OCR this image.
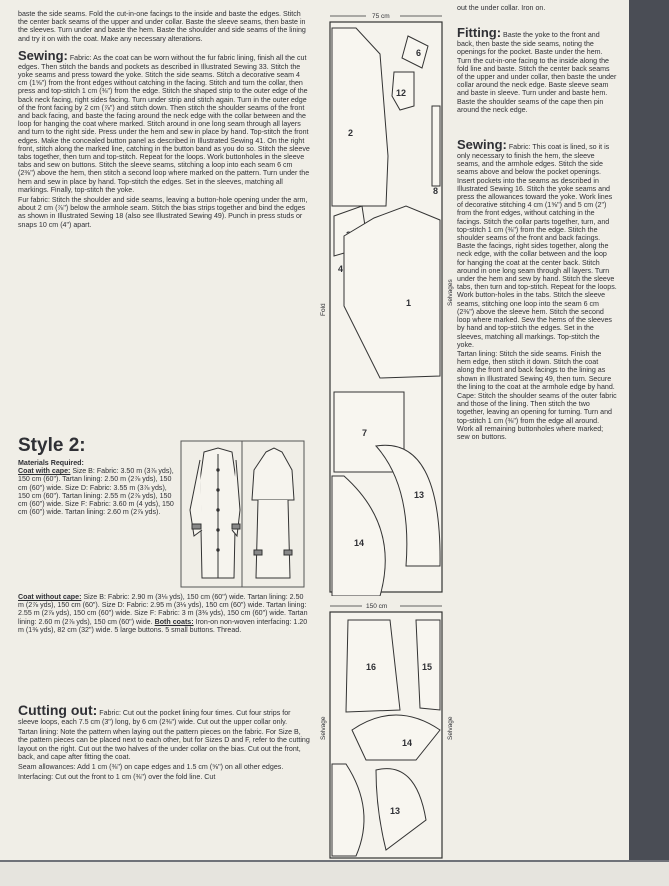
baste the side seams. Fold the cut-in-one facings to the inside and baste the edges. Stitch the center back seams of the upper and under collar. Baste the sleeve seams, then baste in the sleeves. Turn under and baste the hem. Baste the shoulder and side seams of the lining and try it on with the coat. Make any necessary alterations.

Sewing: Fabric: As the coat can be worn without the fur fabric lining, finish all the cut edges. Then stitch the bands and pockets as described in Illustrated Sewing 33. Stitch the yoke seams and press toward the yoke. Stitch the side seams. Stitch a decorative seam 4 cm (1⅝") from the front edges without catching in the facing. Stitch and turn the collar, then press and top-stitch 1 cm (⅜") from the edge. Stitch the shaped strip to the outer edge of the back neck facing, right sides facing. Turn under strip and stitch again. Turn in the outer edge of the front facing by 2 cm (⅞") and stitch down. Then stitch the shoulder seams of the front and back facing, and baste the facing around the neck edge with the collar between and the loop for hanging the coat where marked. Stitch around in one long seam through all layers and turn to the right side. Press under the hem and sew in place by hand. Top-stitch the front edges. Make the concealed button panel as described in Illustrated Sewing 41. On the right front, stitch along the marked line, catching in the button band as you do so. Stitch the sleeve tabs together, then turn and top-stitch. Repeat for the loops. Work buttonholes in the sleeve tabs and sew on buttons. Stitch the sleeve seams, stitching a loop into each seam 6 cm (2⅜") above the hem, then stitch a second loop where marked on the pattern. Turn under the hem and sew in place by hand. Top-stitch the edges. Set in the sleeves, matching all markings. Finally, top-stitch the yoke.

Fur fabric: Stitch the shoulder and side seams, leaving a button-hole opening under the arm, about 2 cm (⅞") below the armhole seam. Stitch the bias strips together and bind the edges as shown in Illustrated Sewing 18 (also see Illustrated Sewing 49). Punch in press studs or snaps 10 cm (4") apart.

Style 2:
Materials Required:

Coat with cape: Size B: Fabric: 3.50 m (3⅞ yds), 150 cm (60"). Tartan lining: 2.50 m (2⅞ yds), 150 cm (60") wide. Size D: Fabric: 3.55 m (3⅞ yds), 150 cm (60"). Tartan lining: 2.55 m (2⅞ yds), 150 cm (60") wide. Size F: Fabric: 3.60 m (4 yds), 150 cm (60") wide. Tartan lining: 2.60 m (2⅞ yds).

Coat without cape: Size B: Fabric: 2.90 m (3⅛ yds), 150 cm (60") wide. Tartan lining: 2.50 m (2⅞ yds), 150 cm (60"). Size D: Fabric: 2.95 m (3⅛ yds), 150 cm (60") wide. Tartan lining: 2.55 m (2⅞ yds), 150 cm (60") wide. Size F: Fabric: 3 m (3⅜ yds), 150 cm (60") wide. Tartan lining: 2.60 m (2⅞ yds), 150 cm (60") wide. Both coats: Iron-on non-woven interfacing: 1.20 m (1⅜ yds), 82 cm (32") wide. 5 large buttons. 5 small buttons. Thread.

Cutting out: Fabric: Cut out the pocket lining four times. Cut four strips for sleeve loops, each 7.5 cm (3") long, by 6 cm (2⅜") wide. Cut out the upper collar only.

Tartan lining: Note the pattern when laying out the pattern pieces on the fabric. For Size B, the pattern pieces can be placed next to each other, but for Sizes D and F, refer to the cutting layout on the right. Cut out the two halves of the under collar on the bias. Cut out the front, back, and cape after fitting the coat.

Seam allowances: Add 1 cm (⅜") on cape edges and 1.5 cm (⅝") on all other edges.

Interfacing: Cut out the front to 1 cm (⅜") over the fold line. Cut

75 cm
2
6
12
8
4
1
7
14
13
Fold
Selvages
150 cm
16	15
14
13
Selvage	Selvage

out the under collar. Iron on.

Fitting: Baste the yoke to the front and back, then baste the side seams, noting the openings for the pocket. Baste under the hem. Turn the cut-in-one facing to the inside along the fold line and baste. Stitch the center back seams of the upper and under collar, then baste the under collar around the neck edge. Baste sleeve seam and baste in sleeve. Turn under and baste hem. Baste the shoulder seams of the cape then pin around the neck edge.

Sewing: Fabric: This coat is lined, so it is only necessary to finish the hem, the sleeve seams, and the armhole edges. Stitch the side seams above and below the pocket openings. Insert pockets into the seams as described in Illustrated Sewing 16. Stitch the yoke seams and press the allowances toward the yoke. Work lines of decorative stitching 4 cm (1⅝") and 5 cm (2") from the front edges, without catching in the facings. Stitch the collar parts together, turn, and top-stitch 1 cm (⅜") from the edge. Stitch the shoulder seams of the front and back facings. Baste the facings, right sides together, along the neck edge, with the collar between and the loop for hanging the coat at the center back. Stitch around in one long seam through all layers. Turn under the hem and sew by hand. Stitch the sleeve tabs, then turn and top-stitch. Repeat for the loops. Work button-holes in the tabs. Stitch the sleeve seams, stitching one loop into the seam 6 cm (2⅜") above the sleeve hem. Stitch the second loop where marked. Sew the hems of the sleeves by hand and top-stitch the edges. Set in the sleeves, matching all markings. Top-stitch the yoke.

Tartan lining: Stitch the side seams. Finish the hem edge, then stitch it down. Stitch the coat along the front and back facings to the lining as shown in Illustrated Sewing 49, then turn. Secure the lining to the coat at the armhole edge by hand.

Cape: Stitch the shoulder seams of the outer fabric and those of the lining. Then stitch the two together, leaving an opening for turning. Turn and top-stitch 1 cm (⅜") from the edge all around. Work all remaining buttonholes where marked; sew on buttons.
